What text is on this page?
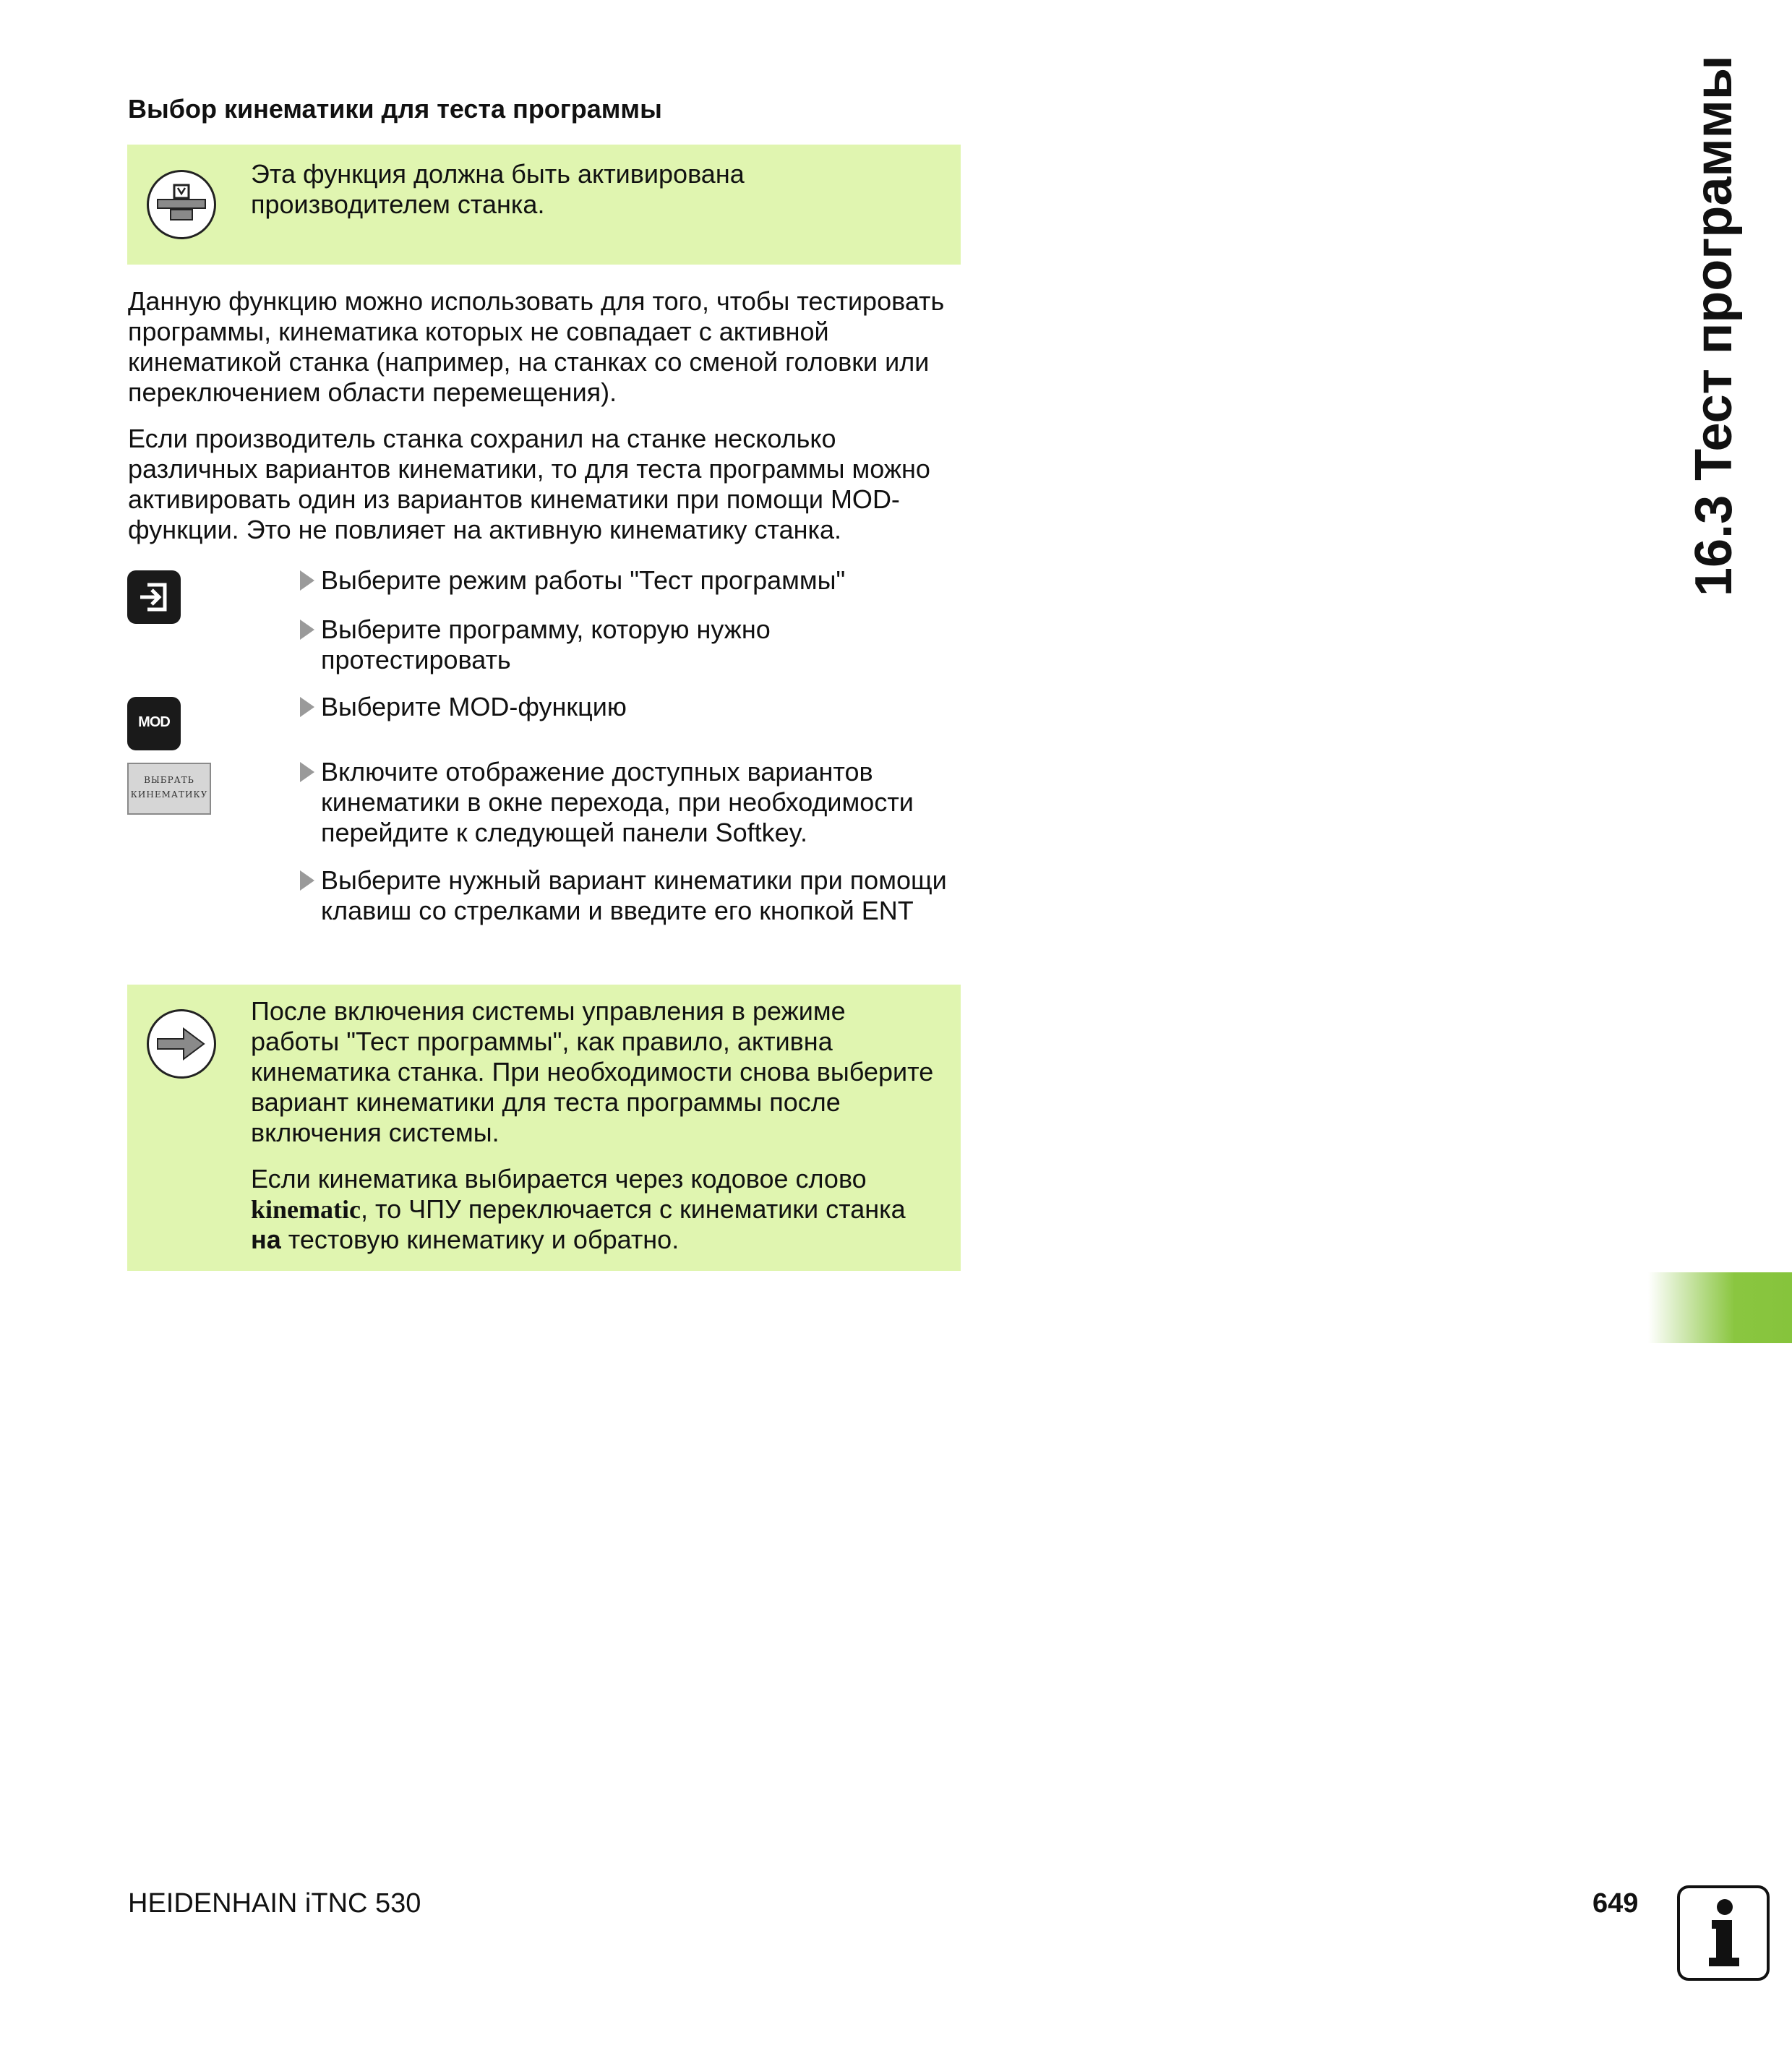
Выбор кинематики для теста программы
Эта функция должна быть активирована производителем станка.

Данную функцию можно использовать для того, чтобы тестировать программы, кинематика которых не совпадает с активной кинематикой станка (например, на станках со сменой головки или переключением области перемещения).

Если производитель станка сохранил на станке несколько различных вариантов кинематики, то для теста программы можно активировать один из вариантов кинематики при помощи MOD-функции. Это не повлияет на активную кинематику станка.

MOD
ВЫБРАТЬ
КИНЕМАТИКУ
Выберите режим работы "Тест программы"
Выберите программу, которую нужно протестировать
Выберите MOD-функцию
Включите отображение доступных вариантов кинематики в окне перехода, при необходимости перейдите к следующей панели Softkey.
Выберите нужный вариант кинематики при помощи клавиш со стрелками и введите его кнопкой ENT

После включения системы управления в режиме работы "Тест программы", как правило, активна кинематика станка. При необходимости снова выберите вариант кинематики для теста программы после включения системы.

Если кинематика выбирается через кодовое слово kinematic, то ЧПУ переключается с кинематики станка на тестовую кинематику и обратно.

16.3 Тест программы
HEIDENHAIN iTNC 530	649
